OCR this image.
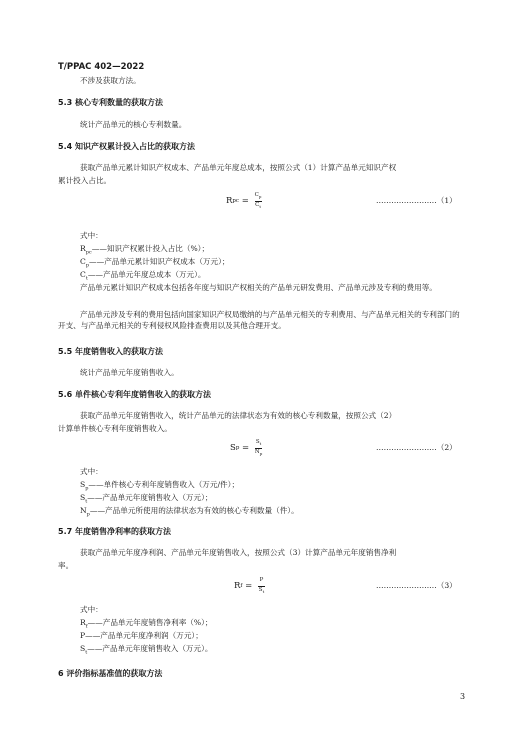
T/PPAC 402—2022
不涉及获取方法。
5.3 核心专利数量的获取方法
统计产品单元的核心专利数量。
5.4 知识产权累计投入占比的获取方法
获取产品单元累计知识产权成本、产品单元年度总成本，按照公式（1）计算产品单元知识产权
累计投入占比。
R pc = $\frac{C_p}{C_t}$	……………………（1）
式中：
$R_{pc}——$知识产权累计投入占比（%）；
$C_p——$产品单元累计知识产权成本（万元）；
$C_t——$产品单元年度总成本（万元）。
产品单元累计知识产权成本包括各年度与知识产权相关的产品单元研发费用、产品单元涉及专利的费用等。
产品单元涉及专利的费用包括向国家知识产权局缴纳的与产品单元相关的专利费用、与产品单元相关的专利部门的开支、与产品单元相关的专利侵权风险排查费用以及其他合理开支。
5.5 年度销售收入的获取方法
统计产品单元年度销售收入。
5.6 单件核心专利年度销售收入的获取方法
获取产品单元年度销售收入，统计产品单元的法律状态为有效的核心专利数量，按照公式（2）
计算单件核心专利年度销售收入。
S $p = \frac{S_t}{N_p}$	……………………（2）
式中：
$S_p——$单件核心专利年度销售收入（万元/件）；
$S_t——$产品单元年度销售收入（万元）；
$N_p——$产品单元所使用的法律状态为有效的核心专利数量（件）。
5.7 年度销售净利率的获取方法
获取产品单元年度净利润、产品单元年度销售收入，按照公式（3）计算产品单元年度销售净利
率。
R $f = \frac{P}{S_t}$	……………………（3）
式中：
$R_f——$产品单元年度销售净利率（%）；
P——产品单元年度净利润（万元）；
$S_t——$产品单元年度销售收入（万元）。
6 评价指标基准值的获取方法
3
